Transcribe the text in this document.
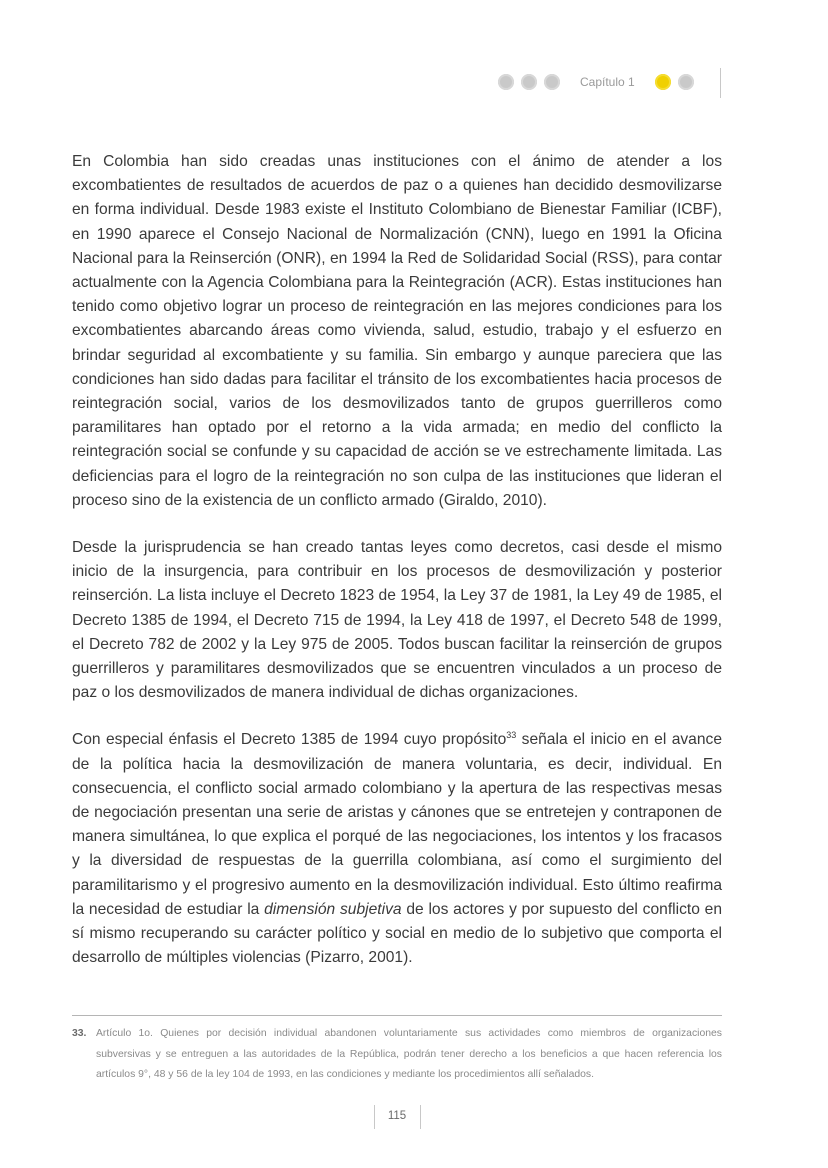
Capítulo 1

En Colombia han sido creadas unas instituciones con el ánimo de atender a los excombatientes de resultados de acuerdos de paz o a quienes han decidido desmovilizarse en forma individual. Desde 1983 existe el Instituto Colombiano de Bienestar Familiar (ICBF), en 1990 aparece el Consejo Nacional de Normalización (CNN), luego en 1991 la Oficina Nacional para la Reinserción (ONR), en 1994 la Red de Solidaridad Social (RSS), para contar actualmente con la Agencia Colombiana para la Reintegración (ACR). Estas instituciones han tenido como objetivo lograr un proceso de reintegración en las mejores condiciones para los excombatientes abarcando áreas como vivienda, salud, estudio, trabajo y el esfuerzo en brindar seguridad al excombatiente y su familia. Sin embargo y aunque pareciera que las condiciones han sido dadas para facilitar el tránsito de los excombatientes hacia procesos de reintegración social, varios de los desmovilizados tanto de grupos guerrilleros como paramilitares han optado por el retorno a la vida armada; en medio del conflicto la reintegración social se confunde y su capacidad de acción se ve estrechamente limitada. Las deficiencias para el logro de la reintegración no son culpa de las instituciones que lideran el proceso sino de la existencia de un conflicto armado (Giraldo, 2010).

Desde la jurisprudencia se han creado tantas leyes como decretos, casi desde el mismo inicio de la insurgencia, para contribuir en los procesos de desmovilización y posterior reinserción. La lista incluye el Decreto 1823 de 1954, la Ley 37 de 1981, la Ley 49 de 1985, el Decreto 1385 de 1994, el Decreto 715 de 1994, la Ley 418 de 1997, el Decreto 548 de 1999, el Decreto 782 de 2002 y la Ley 975 de 2005. Todos buscan facilitar la reinserción de grupos guerrilleros y paramilitares desmovilizados que se encuentren vinculados a un proceso de paz o los desmovilizados de manera individual de dichas organizaciones.

Con especial énfasis el Decreto 1385 de 1994 cuyo propósito$^{33}$ señala el inicio en el avance de la política hacia la desmovilización de manera voluntaria, es decir, individual. En consecuencia, el conflicto social armado colombiano y la apertura de las respectivas mesas de negociación presentan una serie de aristas y cánones que se entretejen y contraponen de manera simultánea, lo que explica el porqué de las negociaciones, los intentos y los fracasos y la diversidad de respuestas de la guerrilla colombiana, así como el surgimiento del paramilitarismo y el progresivo aumento en la desmovilización individual. Esto último reafirma la necesidad de estudiar la dimensión subjetiva de los actores y por supuesto del conflicto en sí mismo recuperando su carácter político y social en medio de lo subjetivo que comporta el desarrollo de múltiples violencias (Pizarro, 2001).

33. Artículo 1o. Quienes por decisión individual abandonen voluntariamente sus actividades como miembros de organizaciones subversivas y se entreguen a las autoridades de la República, podrán tener derecho a los beneficios a que hacen referencia los artículos 9°, 48 y 56 de la ley 104 de 1993, en las condiciones y mediante los procedimientos allí señalados.
115
